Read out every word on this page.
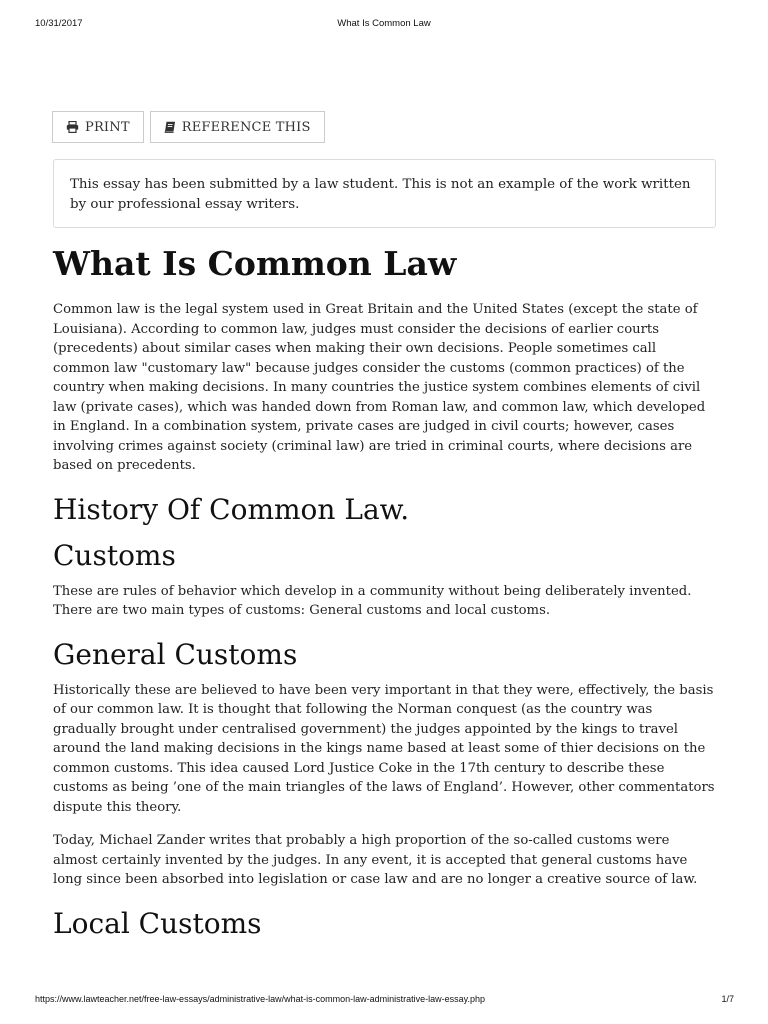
10/31/2017	What Is Common Law
PRINT	REFERENCE THIS
This essay has been submitted by a law student. This is not an example of the work written by our professional essay writers.
What Is Common Law

Common law is the legal system used in Great Britain and the United States (except the state of Louisiana). According to common law, judges must consider the decisions of earlier courts (precedents) about similar cases when making their own decisions. People sometimes call common law "customary law" because judges consider the customs (common practices) of the country when making decisions. In many countries the justice system combines elements of civil law (private cases), which was handed down from Roman law, and common law, which developed in England. In a combination system, private cases are judged in civil courts; however, cases involving crimes against society (criminal law) are tried in criminal courts, where decisions are based on precedents.

History Of Common Law.
Customs

These are rules of behavior which develop in a community without being deliberately invented. There are two main types of customs: General customs and local customs.

General Customs

Historically these are believed to have been very important in that they were, effectively, the basis of our common law. It is thought that following the Norman conquest (as the country was gradually brought under centralised government) the judges appointed by the kings to travel around the land making decisions in the kings name based at least some of thier decisions on the common customs. This idea caused Lord Justice Coke in the 17th century to describe these customs as being ’one of the main triangles of the laws of England’. However, other commentators dispute this theory.

Today, Michael Zander writes that probably a high proportion of the so-called customs were almost certainly invented by the judges. In any event, it is accepted that general customs have long since been absorbed into legislation or case law and are no longer a creative source of law.

Local Customs
https://www.lawteacher.net/free-law-essays/administrative-law/what-is-common-law-administrative-law-essay.php	1/7
